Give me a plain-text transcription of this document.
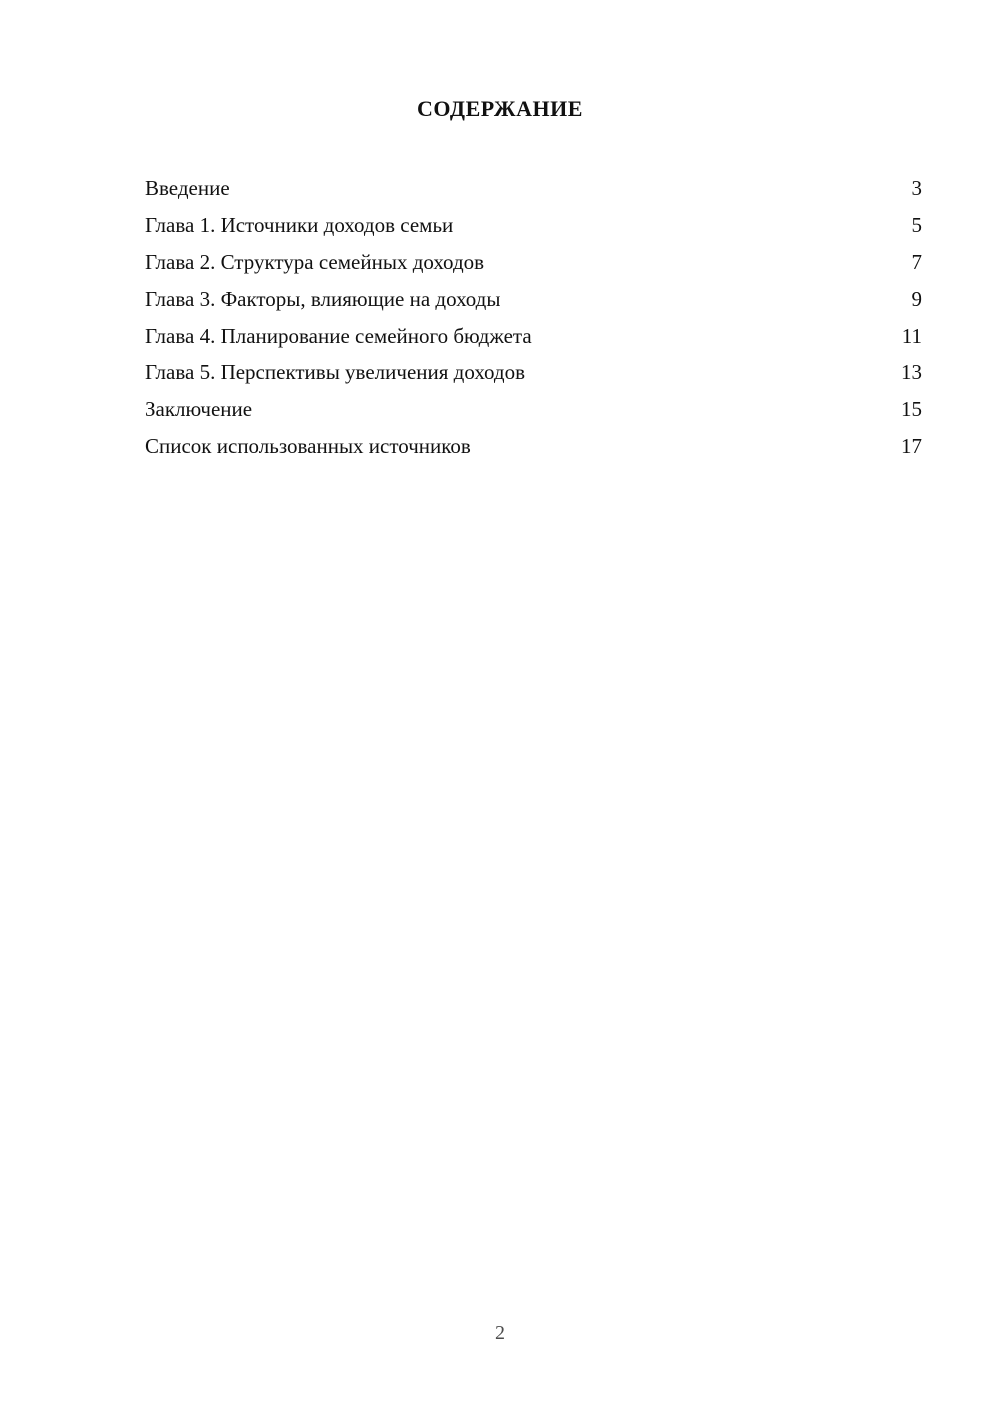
СОДЕРЖАНИЕ
Введение	3
Глава 1. Источники доходов семьи	5
Глава 2. Структура семейных доходов	7
Глава 3. Факторы, влияющие на доходы	9
Глава 4. Планирование семейного бюджета	11
Глава 5. Перспективы увеличения доходов	13
Заключение	15
Список использованных источников	17
2
